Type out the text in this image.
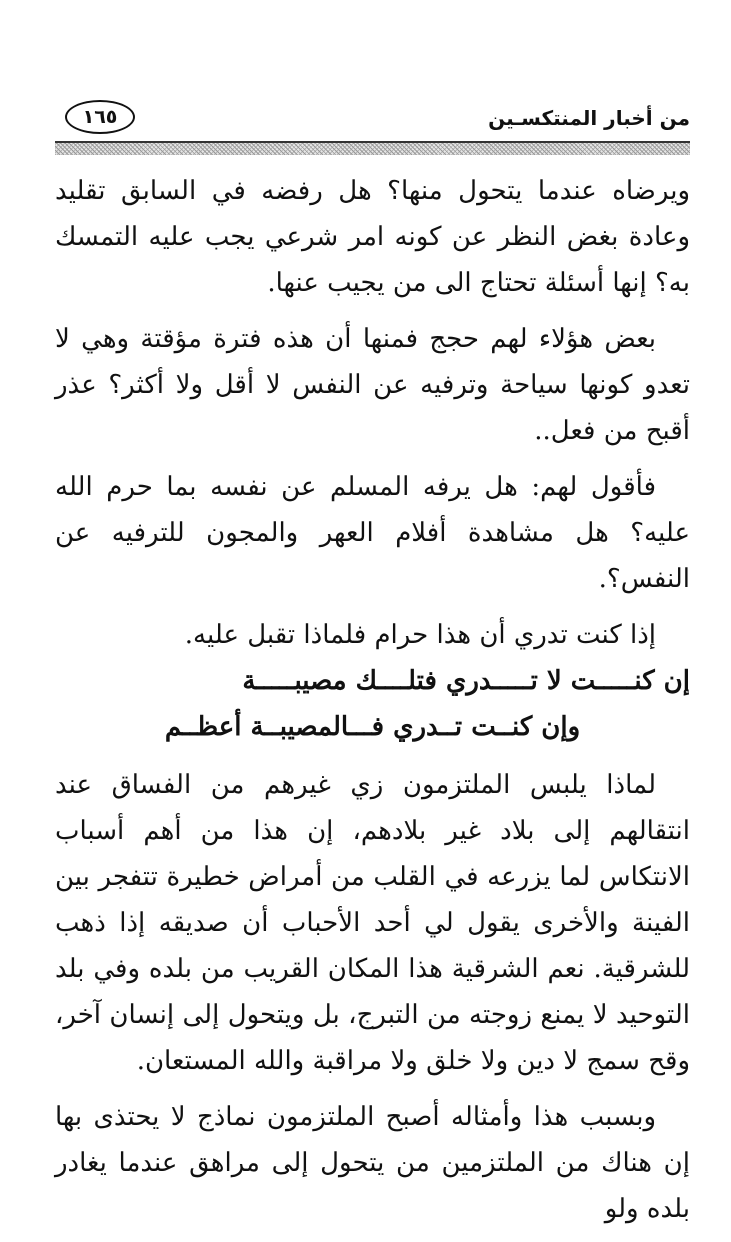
من أخبار المنتكسـين
١٦٥

ويرضاه عندما يتحول منها؟ هل رفضه في السابق تقليد وعادة بغض النظر عن كونه امر شرعي يجب عليه التمسك به؟ إنها أسئلة تحتاج الى من يجيب عنها.

بعض هؤلاء لهم حجج فمنها أن هذه فترة مؤقتة وهي لا تعدو كونها سياحة وترفيه عن النفس لا أقل ولا أكثر؟ عذر أقبح من فعل..

فأقول لهم: هل يرفه المسلم عن نفسه بما حرم الله عليه؟ هل مشاهدة أفلام العهر والمجون للترفيه عن النفس؟.

إذا كنت تدري أن هذا حرام فلماذا تقبل عليه.

إن كنـــــت لا تـــــدري فتلــــك مصيبـــــة
وإن كنــت تــدري فـــالمصيبــة أعظــم

لماذا يلبس الملتزمون زي غيرهم من الفساق عند انتقالهم إلى بلاد غير بلادهم، إن هذا من أهم أسباب الانتكاس لما يزرعه في القلب من أمراض خطيرة تتفجر بين الفينة والأخرى يقول لي أحد الأحباب أن صديقه إذا ذهب للشرقية. نعم الشرقية هذا المكان القريب من بلده وفي بلد التوحيد لا يمنع زوجته من التبرج، بل ويتحول إلى إنسان آخر، وقح سمج لا دين ولا خلق ولا مراقبة والله المستعان.

وبسبب هذا وأمثاله أصبح الملتزمون نماذج لا يحتذى بها إن هناك من الملتزمين من يتحول إلى مراهق عندما يغادر بلده ولو
